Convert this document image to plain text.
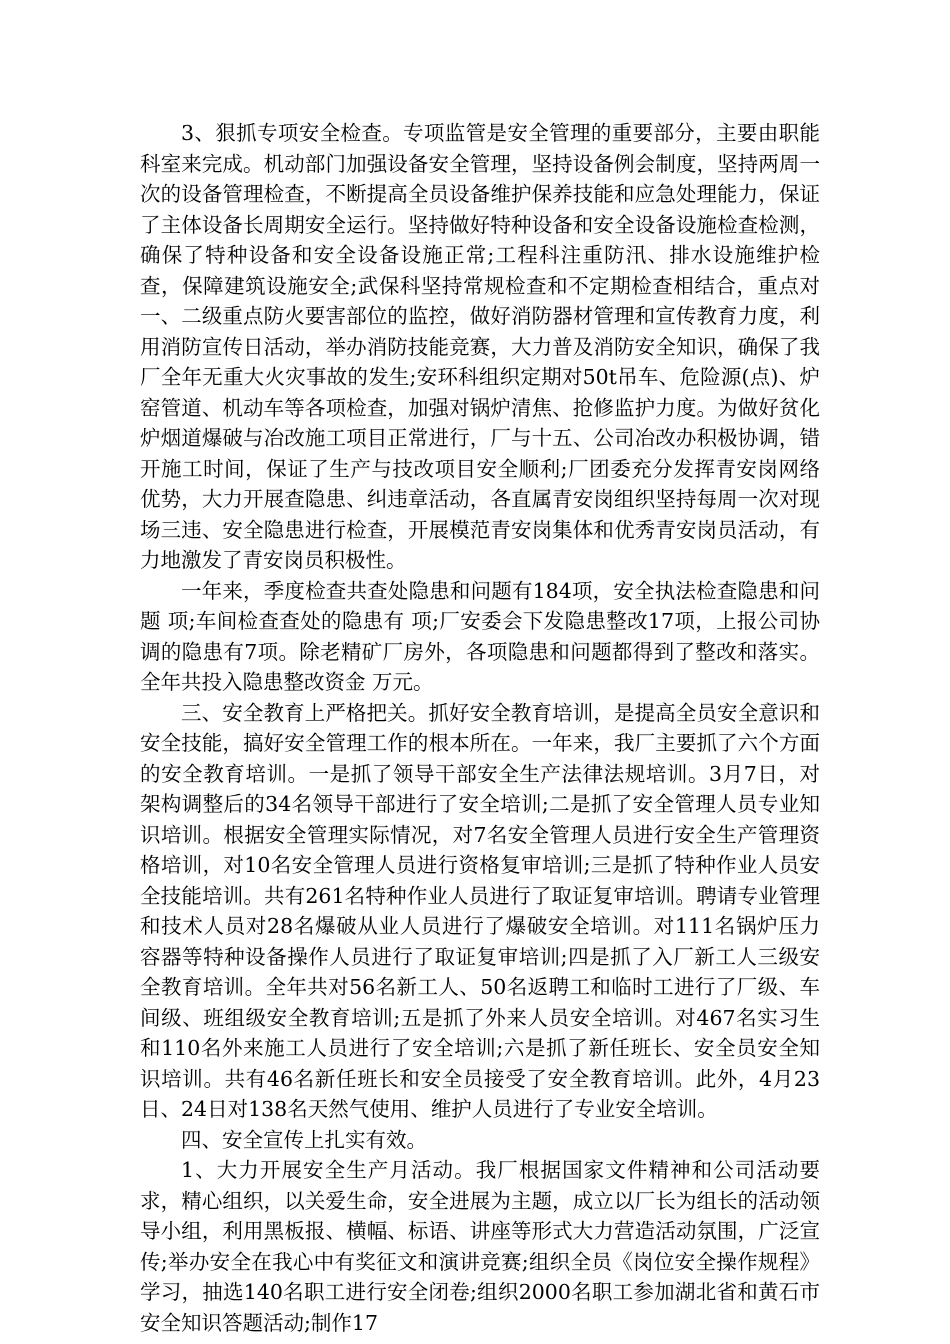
3、狠抓专项安全检查。专项监管是安全管理的重要部分，主要由职能科室来完成。机动部门加强设备安全管理，坚持设备例会制度，坚持两周一次的设备管理检查，不断提高全员设备维护保养技能和应急处理能力，保证了主体设备长周期安全运行。坚持做好特种设备和安全设备设施检查检测，确保了特种设备和安全设备设施正常;工程科注重防汛、排水设施维护检查，保障建筑设施安全;武保科坚持常规检查和不定期检查相结合，重点对一、二级重点防火要害部位的监控，做好消防器材管理和宣传教育力度，利用消防宣传日活动，举办消防技能竞赛，大力普及消防安全知识，确保了我厂全年无重大火灾事故的发生;安环科组织定期对50t吊车、危险源(点)、炉窑管道、机动车等各项检查，加强对锅炉清焦、抢修监护力度。为做好贫化炉烟道爆破与冶改施工项目正常进行，厂与十五、公司冶改办积极协调，错开施工时间，保证了生产与技改项目安全顺利;厂团委充分发挥青安岗网络优势，大力开展查隐患、纠违章活动，各直属青安岗组织坚持每周一次对现场三违、安全隐患进行检查，开展模范青安岗集体和优秀青安岗员活动，有力地激发了青安岗员积极性。

一年来，季度检查共查处隐患和问题有184项，安全执法检查隐患和问题 项;车间检查查处的隐患有 项;厂安委会下发隐患整改17项，上报公司协调的隐患有7项。除老精矿厂房外，各项隐患和问题都得到了整改和落实。全年共投入隐患整改资金 万元。

三、安全教育上严格把关。抓好安全教育培训，是提高全员安全意识和安全技能，搞好安全管理工作的根本所在。一年来，我厂主要抓了六个方面的安全教育培训。一是抓了领导干部安全生产法律法规培训。3月7日，对架构调整后的34名领导干部进行了安全培训;二是抓了安全管理人员专业知识培训。根据安全管理实际情况，对7名安全管理人员进行安全生产管理资格培训，对10名安全管理人员进行资格复审培训;三是抓了特种作业人员安全技能培训。共有261名特种作业人员进行了取证复审培训。聘请专业管理和技术人员对28名爆破从业人员进行了爆破安全培训。对111名锅炉压力容器等特种设备操作人员进行了取证复审培训;四是抓了入厂新工人三级安全教育培训。全年共对56名新工人、50名返聘工和临时工进行了厂级、车间级、班组级安全教育培训;五是抓了外来人员安全培训。对467名实习生和110名外来施工人员进行了安全培训;六是抓了新任班长、安全员安全知识培训。共有46名新任班长和安全员接受了安全教育培训。此外，4月23日、24日对138名天然气使用、维护人员进行了专业安全培训。

四、安全宣传上扎实有效。

1、大力开展安全生产月活动。我厂根据国家文件精神和公司活动要求，精心组织，以关爱生命，安全进展为主题，成立以厂长为组长的活动领导小组，利用黑板报、横幅、标语、讲座等形式大力营造活动氛围，广泛宣传;举办安全在我心中有奖征文和演讲竞赛;组织全员《岗位安全操作规程》学习，抽选140名职工进行安全闭卷;组织2000名职工参加湖北省和黄石市安全知识答题活动;制作17
